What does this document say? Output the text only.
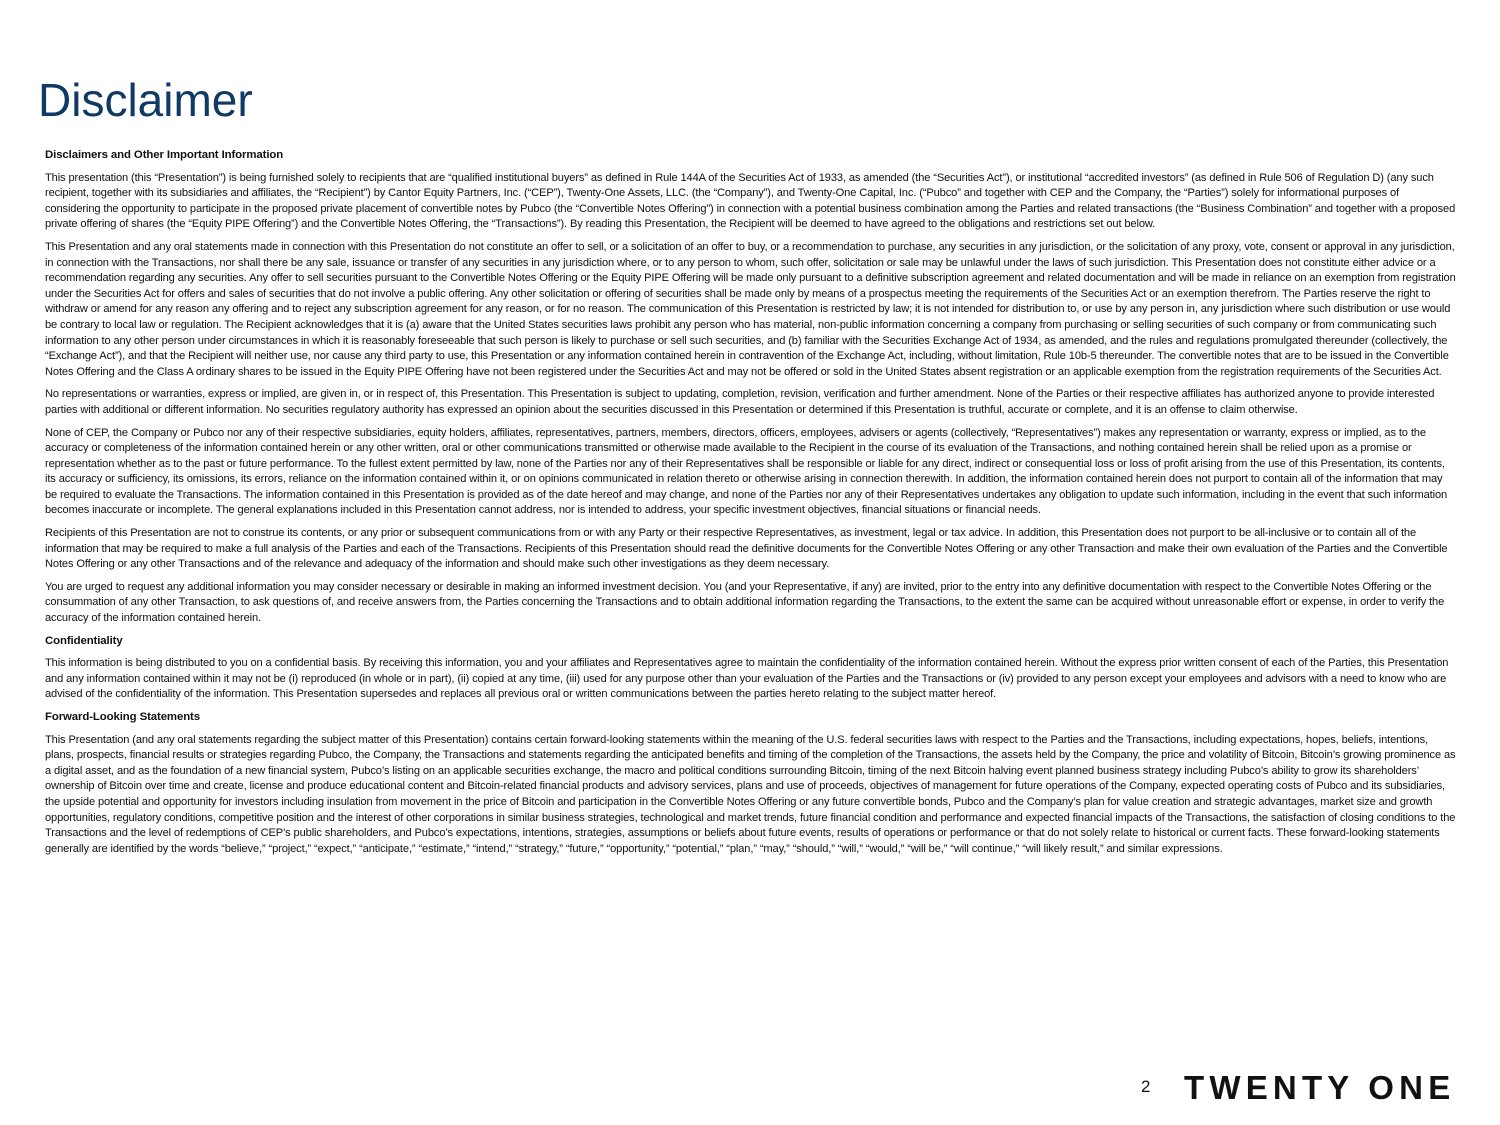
Disclaimer
Disclaimers and Other Important Information

This presentation (this “Presentation”) is being furnished solely to recipients that are “qualified institutional buyers” as defined in Rule 144A of the Securities Act of 1933, as amended (the “Securities Act”), or institutional “accredited investors” (as defined in Rule 506 of Regulation D) (any such recipient, together with its subsidiaries and affiliates, the “Recipient”) by Cantor Equity Partners, Inc. (“CEP”), Twenty-One Assets, LLC. (the “Company”), and Twenty-One Capital, Inc. (“Pubco” and together with CEP and the Company, the “Parties”) solely for informational purposes of considering the opportunity to participate in the proposed private placement of convertible notes by Pubco (the “Convertible Notes Offering”) in connection with a potential business combination among the Parties and related transactions (the “Business Combination” and together with a proposed private offering of shares (the “Equity PIPE Offering”) and the Convertible Notes Offering, the “Transactions”). By reading this Presentation, the Recipient will be deemed to have agreed to the obligations and restrictions set out below.

This Presentation and any oral statements made in connection with this Presentation do not constitute an offer to sell, or a solicitation of an offer to buy, or a recommendation to purchase, any securities in any jurisdiction, or the solicitation of any proxy, vote, consent or approval in any jurisdiction, in connection with the Transactions, nor shall there be any sale, issuance or transfer of any securities in any jurisdiction where, or to any person to whom, such offer, solicitation or sale may be unlawful under the laws of such jurisdiction. This Presentation does not constitute either advice or a recommendation regarding any securities. Any offer to sell securities pursuant to the Convertible Notes Offering or the Equity PIPE Offering will be made only pursuant to a definitive subscription agreement and related documentation and will be made in reliance on an exemption from registration under the Securities Act for offers and sales of securities that do not involve a public offering. Any other solicitation or offering of securities shall be made only by means of a prospectus meeting the requirements of the Securities Act or an exemption therefrom. The Parties reserve the right to withdraw or amend for any reason any offering and to reject any subscription agreement for any reason, or for no reason. The communication of this Presentation is restricted by law; it is not intended for distribution to, or use by any person in, any jurisdiction where such distribution or use would be contrary to local law or regulation. The Recipient acknowledges that it is (a) aware that the United States securities laws prohibit any person who has material, non-public information concerning a company from purchasing or selling securities of such company or from communicating such information to any other person under circumstances in which it is reasonably foreseeable that such person is likely to purchase or sell such securities, and (b) familiar with the Securities Exchange Act of 1934, as amended, and the rules and regulations promulgated thereunder (collectively, the “Exchange Act”), and that the Recipient will neither use, nor cause any third party to use, this Presentation or any information contained herein in contravention of the Exchange Act, including, without limitation, Rule 10b-5 thereunder. The convertible notes that are to be issued in the Convertible Notes Offering and the Class A ordinary shares to be issued in the Equity PIPE Offering have not been registered under the Securities Act and may not be offered or sold in the United States absent registration or an applicable exemption from the registration requirements of the Securities Act.

No representations or warranties, express or implied, are given in, or in respect of, this Presentation. This Presentation is subject to updating, completion, revision, verification and further amendment. None of the Parties or their respective affiliates has authorized anyone to provide interested parties with additional or different information. No securities regulatory authority has expressed an opinion about the securities discussed in this Presentation or determined if this Presentation is truthful, accurate or complete, and it is an offense to claim otherwise.

None of CEP, the Company or Pubco nor any of their respective subsidiaries, equity holders, affiliates, representatives, partners, members, directors, officers, employees, advisers or agents (collectively, “Representatives”) makes any representation or warranty, express or implied, as to the accuracy or completeness of the information contained herein or any other written, oral or other communications transmitted or otherwise made available to the Recipient in the course of its evaluation of the Transactions, and nothing contained herein shall be relied upon as a promise or representation whether as to the past or future performance. To the fullest extent permitted by law, none of the Parties nor any of their Representatives shall be responsible or liable for any direct, indirect or consequential loss or loss of profit arising from the use of this Presentation, its contents, its accuracy or sufficiency, its omissions, its errors, reliance on the information contained within it, or on opinions communicated in relation thereto or otherwise arising in connection therewith. In addition, the information contained herein does not purport to contain all of the information that may be required to evaluate the Transactions. The information contained in this Presentation is provided as of the date hereof and may change, and none of the Parties nor any of their Representatives undertakes any obligation to update such information, including in the event that such information becomes inaccurate or incomplete. The general explanations included in this Presentation cannot address, nor is intended to address, your specific investment objectives, financial situations or financial needs.

Recipients of this Presentation are not to construe its contents, or any prior or subsequent communications from or with any Party or their respective Representatives, as investment, legal or tax advice. In addition, this Presentation does not purport to be all-inclusive or to contain all of the information that may be required to make a full analysis of the Parties and each of the Transactions. Recipients of this Presentation should read the definitive documents for the Convertible Notes Offering or any other Transaction and make their own evaluation of the Parties and the Convertible Notes Offering or any other Transactions and of the relevance and adequacy of the information and should make such other investigations as they deem necessary.

You are urged to request any additional information you may consider necessary or desirable in making an informed investment decision. You (and your Representative, if any) are invited, prior to the entry into any definitive documentation with respect to the Convertible Notes Offering or the consummation of any other Transaction, to ask questions of, and receive answers from, the Parties concerning the Transactions and to obtain additional information regarding the Transactions, to the extent the same can be acquired without unreasonable effort or expense, in order to verify the accuracy of the information contained herein.

Confidentiality

This information is being distributed to you on a confidential basis. By receiving this information, you and your affiliates and Representatives agree to maintain the confidentiality of the information contained herein. Without the express prior written consent of each of the Parties, this Presentation and any information contained within it may not be (i) reproduced (in whole or in part), (ii) copied at any time, (iii) used for any purpose other than your evaluation of the Parties and the Transactions or (iv) provided to any person except your employees and advisors with a need to know who are advised of the confidentiality of the information. This Presentation supersedes and replaces all previous oral or written communications between the parties hereto relating to the subject matter hereof.

Forward-Looking Statements

This Presentation (and any oral statements regarding the subject matter of this Presentation) contains certain forward-looking statements within the meaning of the U.S. federal securities laws with respect to the Parties and the Transactions, including expectations, hopes, beliefs, intentions, plans, prospects, financial results or strategies regarding Pubco, the Company, the Transactions and statements regarding the anticipated benefits and timing of the completion of the Transactions, the assets held by the Company, the price and volatility of Bitcoin, Bitcoin’s growing prominence as a digital asset, and as the foundation of a new financial system, Pubco’s listing on an applicable securities exchange, the macro and political conditions surrounding Bitcoin, timing of the next Bitcoin halving event planned business strategy including Pubco’s ability to grow its shareholders’ ownership of Bitcoin over time and create, license and produce educational content and Bitcoin-related financial products and advisory services, plans and use of proceeds, objectives of management for future operations of the Company, expected operating costs of Pubco and its subsidiaries, the upside potential and opportunity for investors including insulation from movement in the price of Bitcoin and participation in the Convertible Notes Offering or any future convertible bonds, Pubco and the Company’s plan for value creation and strategic advantages, market size and growth opportunities, regulatory conditions, competitive position and the interest of other corporations in similar business strategies, technological and market trends, future financial condition and performance and expected financial impacts of the Transactions, the satisfaction of closing conditions to the Transactions and the level of redemptions of CEP’s public shareholders, and Pubco’s expectations, intentions, strategies, assumptions or beliefs about future events, results of operations or performance or that do not solely relate to historical or current facts. These forward-looking statements generally are identified by the words “believe,” “project,” “expect,” “anticipate,” “estimate,” “intend,” “strategy,” “future,” “opportunity,” “potential,” “plan,” “may,” “should,” “will,” “would,” “will be,” “will continue,” “will likely result,” and similar expressions.

2 TWENTY ONE
